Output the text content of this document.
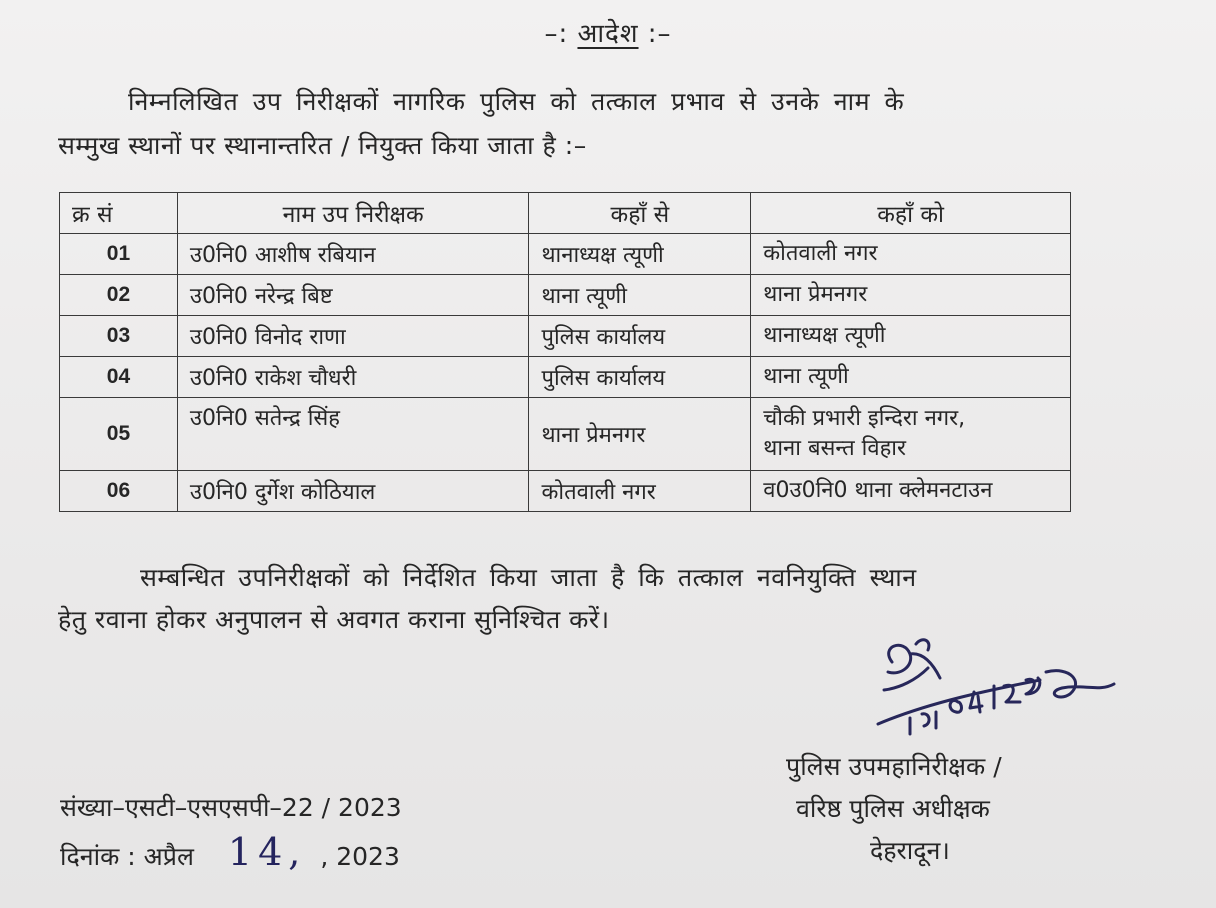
–: आदेश :–
निम्नलिखित उप निरीक्षकों नागरिक पुलिस को तत्काल प्रभाव से उनके नाम के
सम्मुख स्थानों पर स्थानान्तरित / नियुक्त किया जाता है :–
क्र सं	नाम उप निरीक्षक	कहाँ से	कहाँ को
01	उ0नि0 आशीष रबियान	थानाध्यक्ष त्यूणी	कोतवाली नगर
02	उ0नि0 नरेन्द्र बिष्ट	थाना त्यूणी	थाना प्रेमनगर
03	उ0नि0 विनोद राणा	पुलिस कार्यालय	थानाध्यक्ष त्यूणी
04	उ0नि0 राकेश चौधरी	पुलिस कार्यालय	थाना त्यूणी
05	उ0नि0 सतेन्द्र सिंह	थाना प्रेमनगर	चौकी प्रभारी इन्दिरा नगर,
थाना बसन्त विहार

06	उ0नि0 दुर्गेश कोठियाल	कोतवाली नगर	व0उ0नि0 थाना क्लेमनटाउन
सम्बन्धित उपनिरीक्षकों को निर्देशित किया जाता है कि तत्काल नवनियुक्ति स्थान
हेतु रवाना होकर अनुपालन से अवगत कराना सुनिश्चित करें।
पुलिस उपमहानिरीक्षक /
वरिष्ठ पुलिस अधीक्षक
देहरादून।
संख्या–एसटी–एसएसपी–22 / 2023
दिनांक : अप्रैल 14, , 2023
